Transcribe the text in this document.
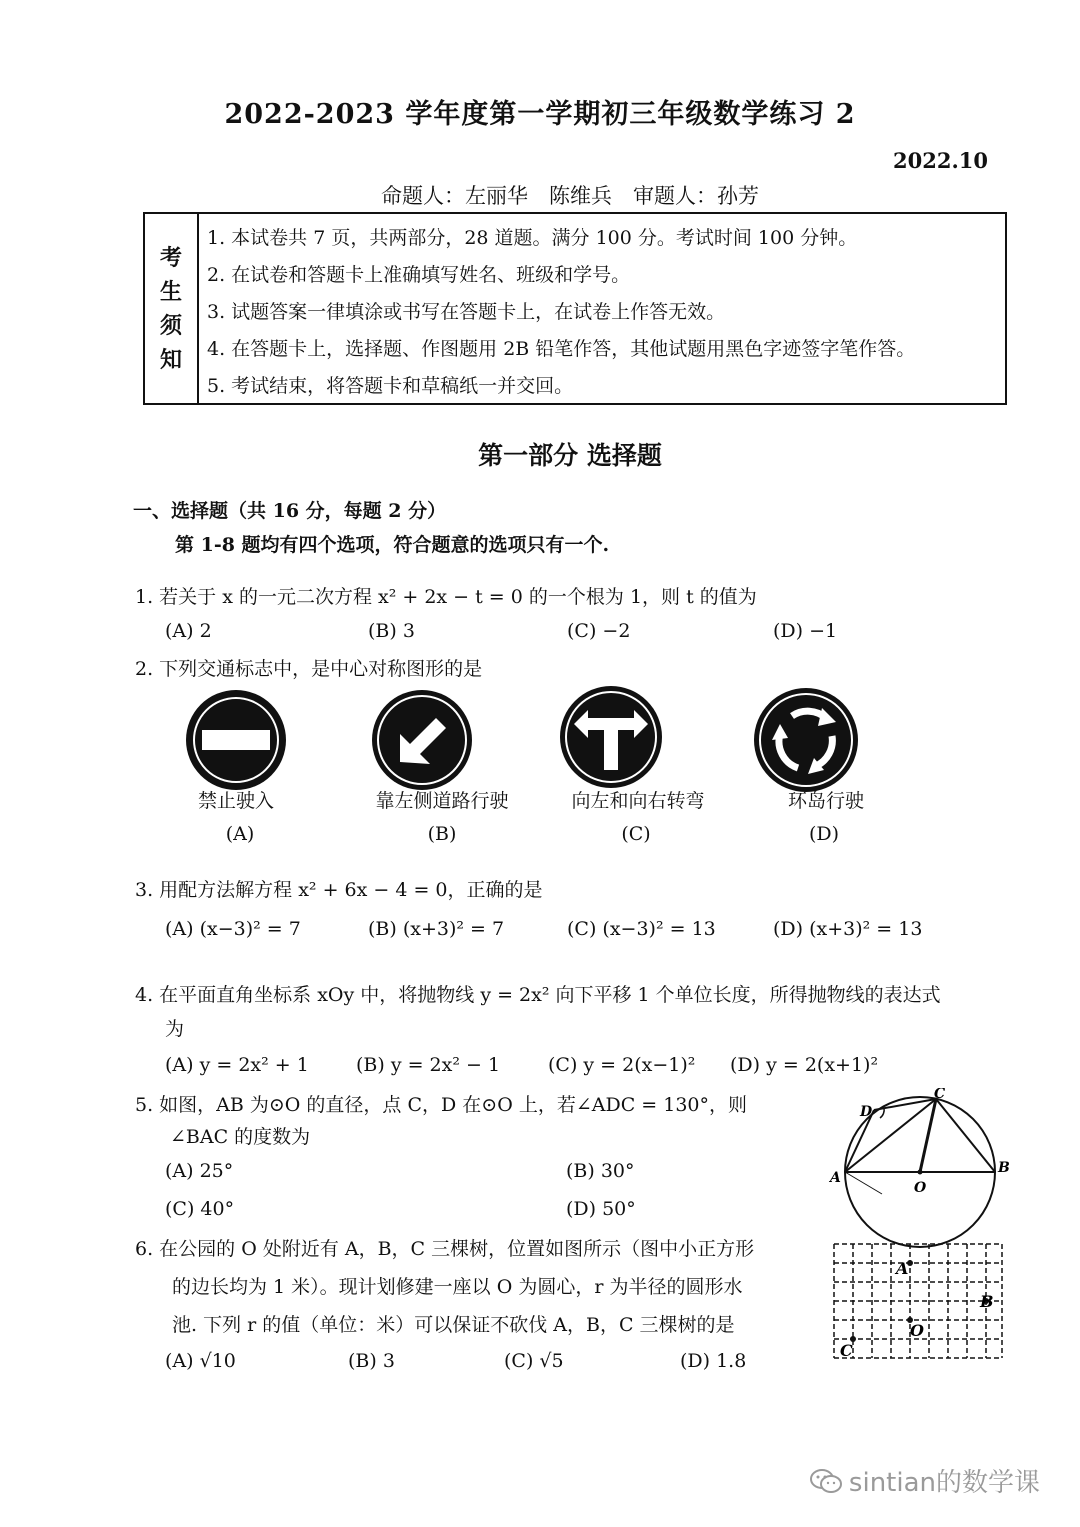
2022-2023 学年度第一学期初三年级数学练习 2
2022.10
命题人：左丽华　陈维兵　审题人：孙芳
考
生
须
知
1. 本试卷共 7 页，共两部分，28 道题。满分 100 分。考试时间 100 分钟。
2. 在试卷和答题卡上准确填写姓名、班级和学号。
3. 试题答案一律填涂或书写在答题卡上，在试卷上作答无效。
4. 在答题卡上，选择题、作图题用 2B 铅笔作答，其他试题用黑色字迹签字笔作答。
5. 考试结束，将答题卡和草稿纸一并交回。
第一部分 选择题
一、选择题（共 16 分，每题 2 分）
第 1-8 题均有四个选项，符合题意的选项只有一个.
1. 若关于 x 的一元二次方程 x² + 2x − t = 0 的一个根为 1，则 t 的值为
(A) 2	(B) 3	(C) −2	(D) −1
2. 下列交通标志中，是中心对称图形的是
禁止驶入	靠左侧道路行驶	向左和向右转弯	环岛行驶
(A)	(B)	(C)	(D)
3. 用配方法解方程 x² + 6x − 4 = 0，正确的是
(A) (x−3)² = 7	(B) (x+3)² = 7	(C) (x−3)² = 13	(D) (x+3)² = 13
4. 在平面直角坐标系 xOy 中，将抛物线 y = 2x² 向下平移 1 个单位长度，所得抛物线的表达式
为
(A) y = 2x² + 1 (B) y = 2x² − 1	(C) y = 2(x−1)² (D) y = 2(x+1)²
5. 如图，AB 为⊙O 的直径，点 C，D 在⊙O 上，若∠ADC = 130°，则
∠BAC 的度数为
(A) 25°	(B) 30°
(C) 40°	(D) 50°
A
B
C
D
O
6. 在公园的 O 处附近有 A，B，C 三棵树，位置如图所示（图中小正方形
的边长均为 1 米）。现计划修建一座以 O 为圆心，r 为半径的圆形水
池. 下列 r 的值（单位：米）可以保证不砍伐 A，B，C 三棵树的是
(A) √10	(B) 3	(C) √5	(D) 1.8
A
B
C
O
sintian的数学课
